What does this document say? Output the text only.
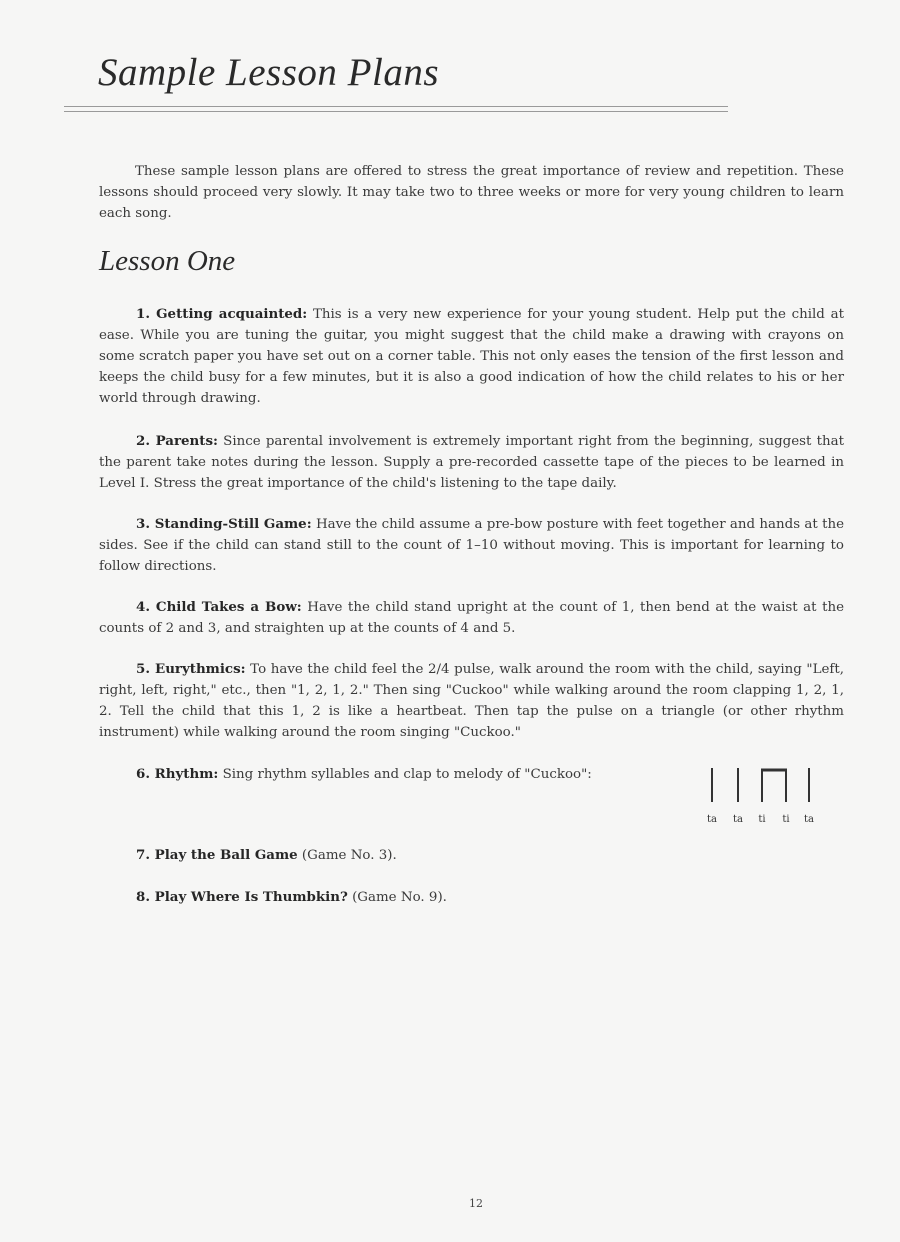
Sample Lesson Plans

These sample lesson plans are offered to stress the great importance of review and repetition. These lessons should proceed very slowly. It may take two to three weeks or more for very young children to learn each song.

Lesson One

1. Getting acquainted: This is a very new experience for your young student. Help put the child at ease. While you are tuning the guitar, you might suggest that the child make a drawing with crayons on some scratch paper you have set out on a corner table. This not only eases the tension of the first lesson and keeps the child busy for a few minutes, but it is also a good indication of how the child relates to his or her world through drawing.

2. Parents: Since parental involvement is extremely important right from the beginning, suggest that the parent take notes during the lesson. Supply a pre-recorded cassette tape of the pieces to be learned in Level I. Stress the great importance of the child's listening to the tape daily.

3. Standing-Still Game: Have the child assume a pre-bow posture with feet together and hands at the sides. See if the child can stand still to the count of 1–10 without moving. This is important for learning to follow directions.

4. Child Takes a Bow: Have the child stand upright at the count of 1, then bend at the waist at the counts of 2 and 3, and straighten up at the counts of 4 and 5.

5. Eurythmics: To have the child feel the 2/4 pulse, walk around the room with the child, saying "Left, right, left, right," etc., then "1, 2, 1, 2." Then sing "Cuckoo" while walking around the room clapping 1, 2, 1, 2. Tell the child that this 1, 2 is like a heartbeat. Then tap the pulse on a triangle (or other rhythm instrument) while walking around the room singing "Cuckoo."

6. Rhythm: Sing rhythm syllables and clap to melody of "Cuckoo":

ta ta ti ti ta

7. Play the Ball Game (Game No. 3).

8. Play Where Is Thumbkin? (Game No. 9).

12
